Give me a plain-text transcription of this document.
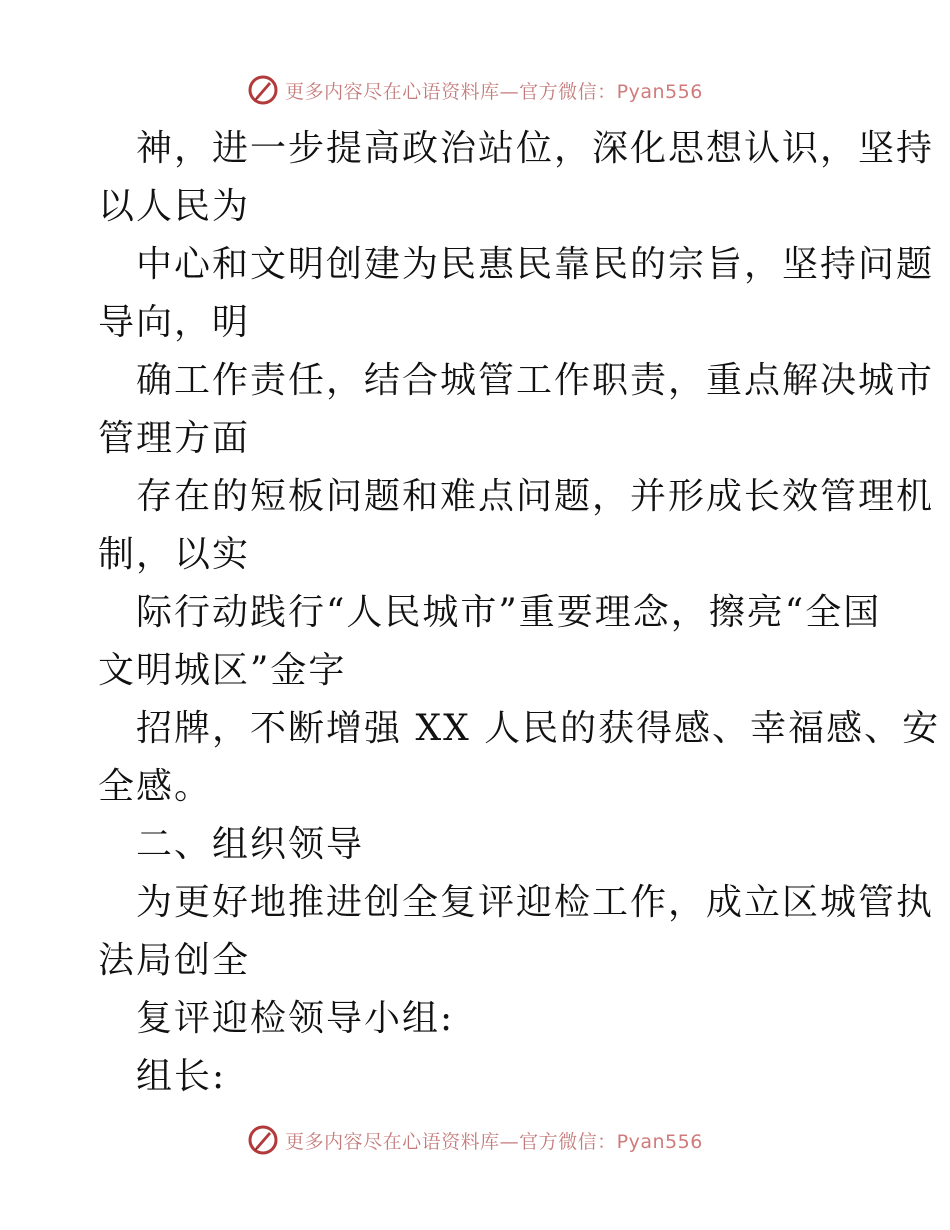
更多内容尽在心语资料库—官方微信：Pyan556
神，进一步提高政治站位，深化思想认识，坚持
以人民为
中心和文明创建为民惠民靠民的宗旨，坚持问题
导向，明
确工作责任，结合城管工作职责，重点解决城市
管理方面
存在的短板问题和难点问题，并形成长效管理机
制，以实
际行动践行“人民城市”重要理念，擦亮“全国
文明城区”金字
招牌，不断增强 XX 人民的获得感、幸福感、安
全感。
二、组织领导
为更好地推进创全复评迎检工作，成立区城管执
法局创全
复评迎检领导小组:
组长:
更多内容尽在心语资料库—官方微信：Pyan556
